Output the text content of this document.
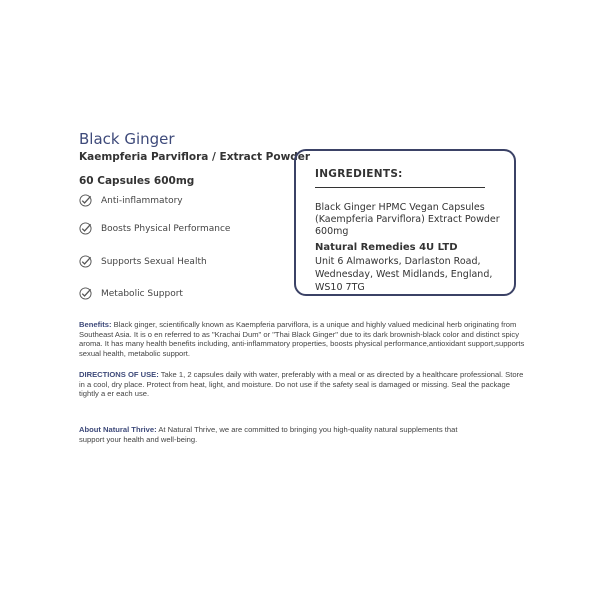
Black Ginger
Kaempferia Parviflora / Extract Powder
60 Capsules 600mg
Anti-inflammatory
Boosts Physical Performance
Supports Sexual Health
Metabolic Support
INGREDIENTS:
Black Ginger HPMC Vegan Capsules (Kaempferia Parviflora) Extract Powder 600mg
Natural Remedies 4U LTD
Unit 6 Almaworks, Darlaston Road, Wednesday, West Midlands, England, WS10 7TG
Benefits: Black ginger, scientifically known as Kaempferia parviflora, is a unique and highly valued medicinal herb originating from Southeast Asia. It is o en referred to as "Krachai Dum" or "Thai Black Ginger" due to its dark brownish-black color and distinct spicy aroma. It has many health benefits including, anti-inflammatory properties, boosts physical performance,antioxidant support,supports sexual health, metabolic support.
DIRECTIONS OF USE: Take 1, 2 capsules daily with water, preferably with a meal or as directed by a healthcare professional. Store in a cool, dry place. Protect from heat, light, and moisture. Do not use if the safety seal is damaged or missing. Seal the package tightly a er each use.
About Natural Thrive: At Natural Thrive, we are committed to bringing you high-quality natural supplements that support your health and well-being.
